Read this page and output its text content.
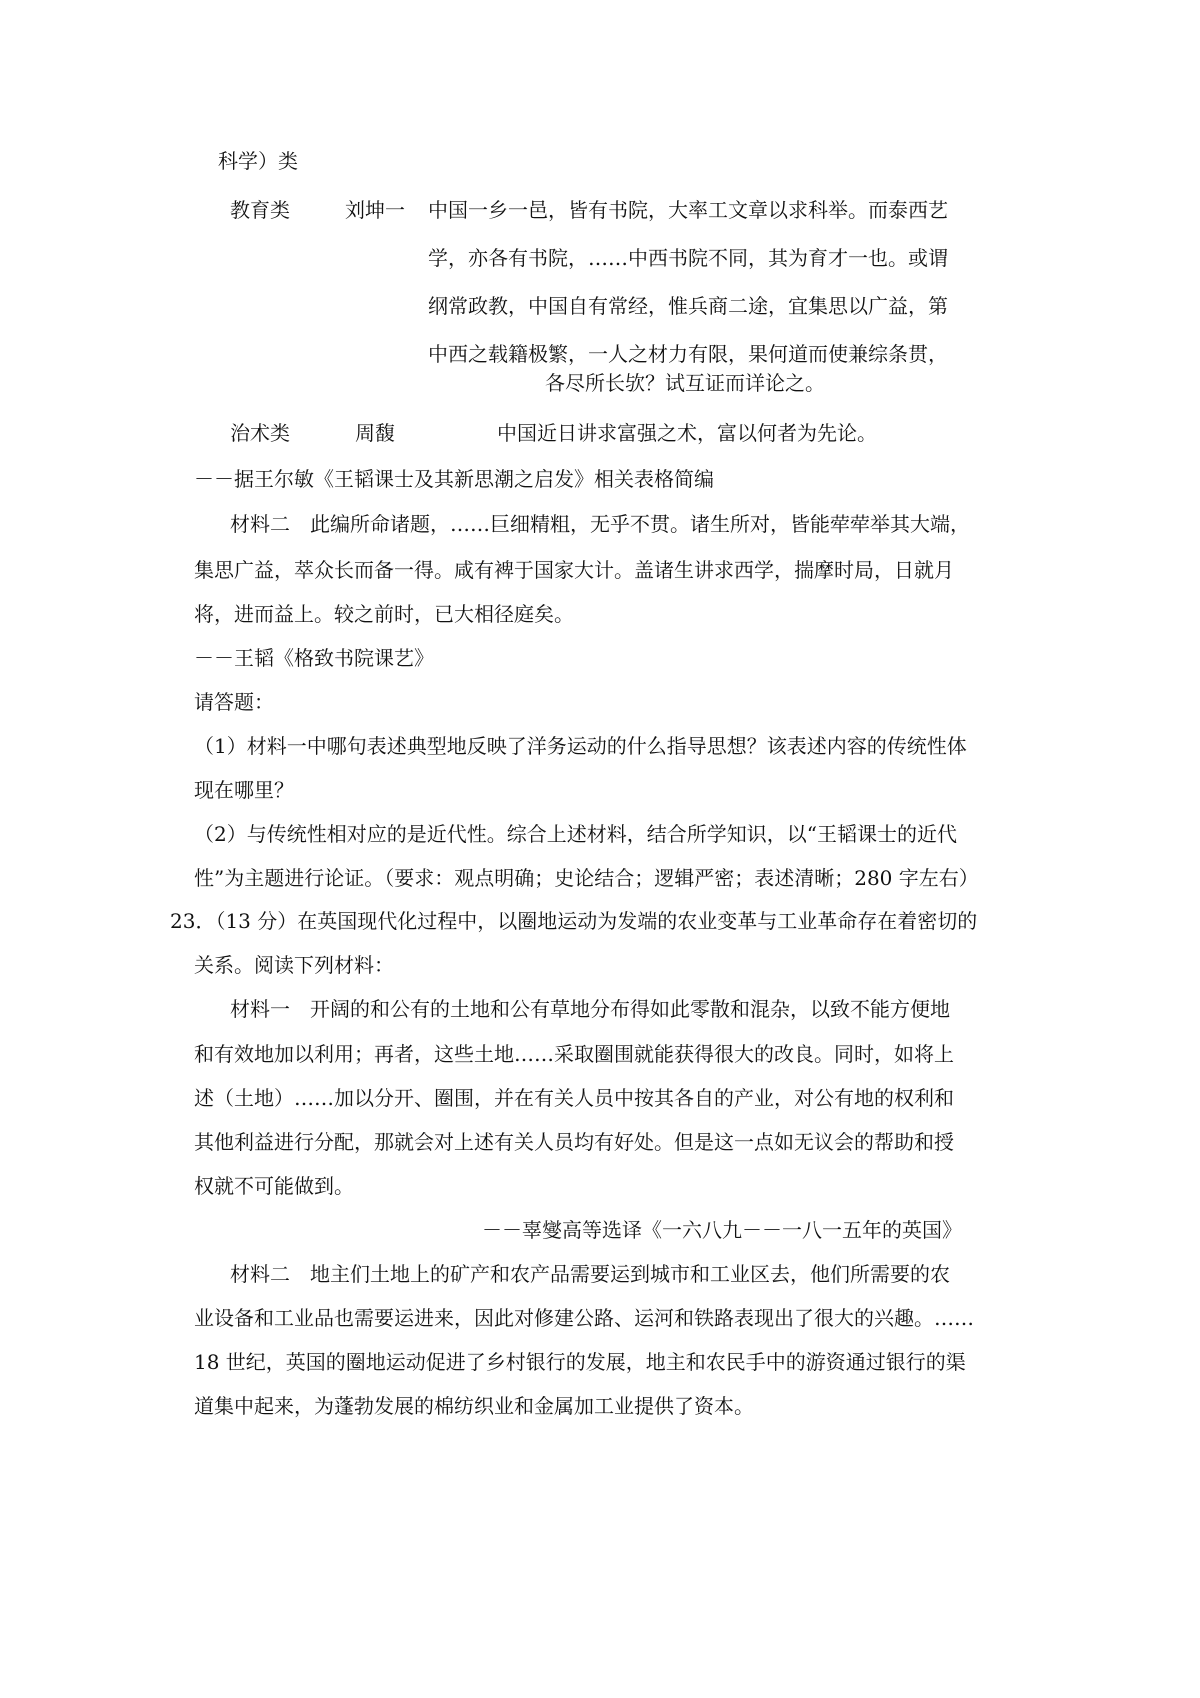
科学）类
教育类	刘坤一 中国一乡一邑，皆有书院，大率工文章以求科举。而泰西艺
学，亦各有书院，……中西书院不同，其为育才一也。或谓
纲常政教，中国自有常经，惟兵商二途，宜集思以广益，第
中西之载籍极繁，一人之材力有限，果何道而使兼综条贯，
各尽所长欤？试互证而详论之。
治术类	周馥	中国近日讲求富强之术，富以何者为先论。
－－据王尔敏《王韬课士及其新思潮之启发》相关表格简编
材料二　此编所命诸题，……巨细精粗，无乎不贯。诸生所对，皆能荦荦举其大端，
集思广益，萃众长而备一得。咸有裨于国家大计。盖诸生讲求西学，揣摩时局，日就月
将，进而益上。较之前时，已大相径庭矣。
－－王韬《格致书院课艺》
请答题：
（1）材料一中哪句表述典型地反映了洋务运动的什么指导思想？该表述内容的传统性体
现在哪里？
（2）与传统性相对应的是近代性。综合上述材料，结合所学知识，以“王韬课士的近代
性”为主题进行论证。（要求：观点明确；史论结合；逻辑严密；表述清晰；280 字左右）
23．（13 分）在英国现代化过程中，以圈地运动为发端的农业变革与工业革命存在着密切的
关系。阅读下列材料：
材料一　开阔的和公有的土地和公有草地分布得如此零散和混杂，以致不能方便地
和有效地加以利用；再者，这些土地……采取圈围就能获得很大的改良。同时，如将上
述（土地）……加以分开、圈围，并在有关人员中按其各自的产业，对公有地的权利和
其他利益进行分配，那就会对上述有关人员均有好处。但是这一点如无议会的帮助和授
权就不可能做到。
－－辜燮高等选译《一六八九－－一八一五年的英国》
材料二　地主们土地上的矿产和农产品需要运到城市和工业区去，他们所需要的农
业设备和工业品也需要运进来，因此对修建公路、运河和铁路表现出了很大的兴趣。……
18 世纪，英国的圈地运动促进了乡村银行的发展，地主和农民手中的游资通过银行的渠
道集中起来，为蓬勃发展的棉纺织业和金属加工业提供了资本。
